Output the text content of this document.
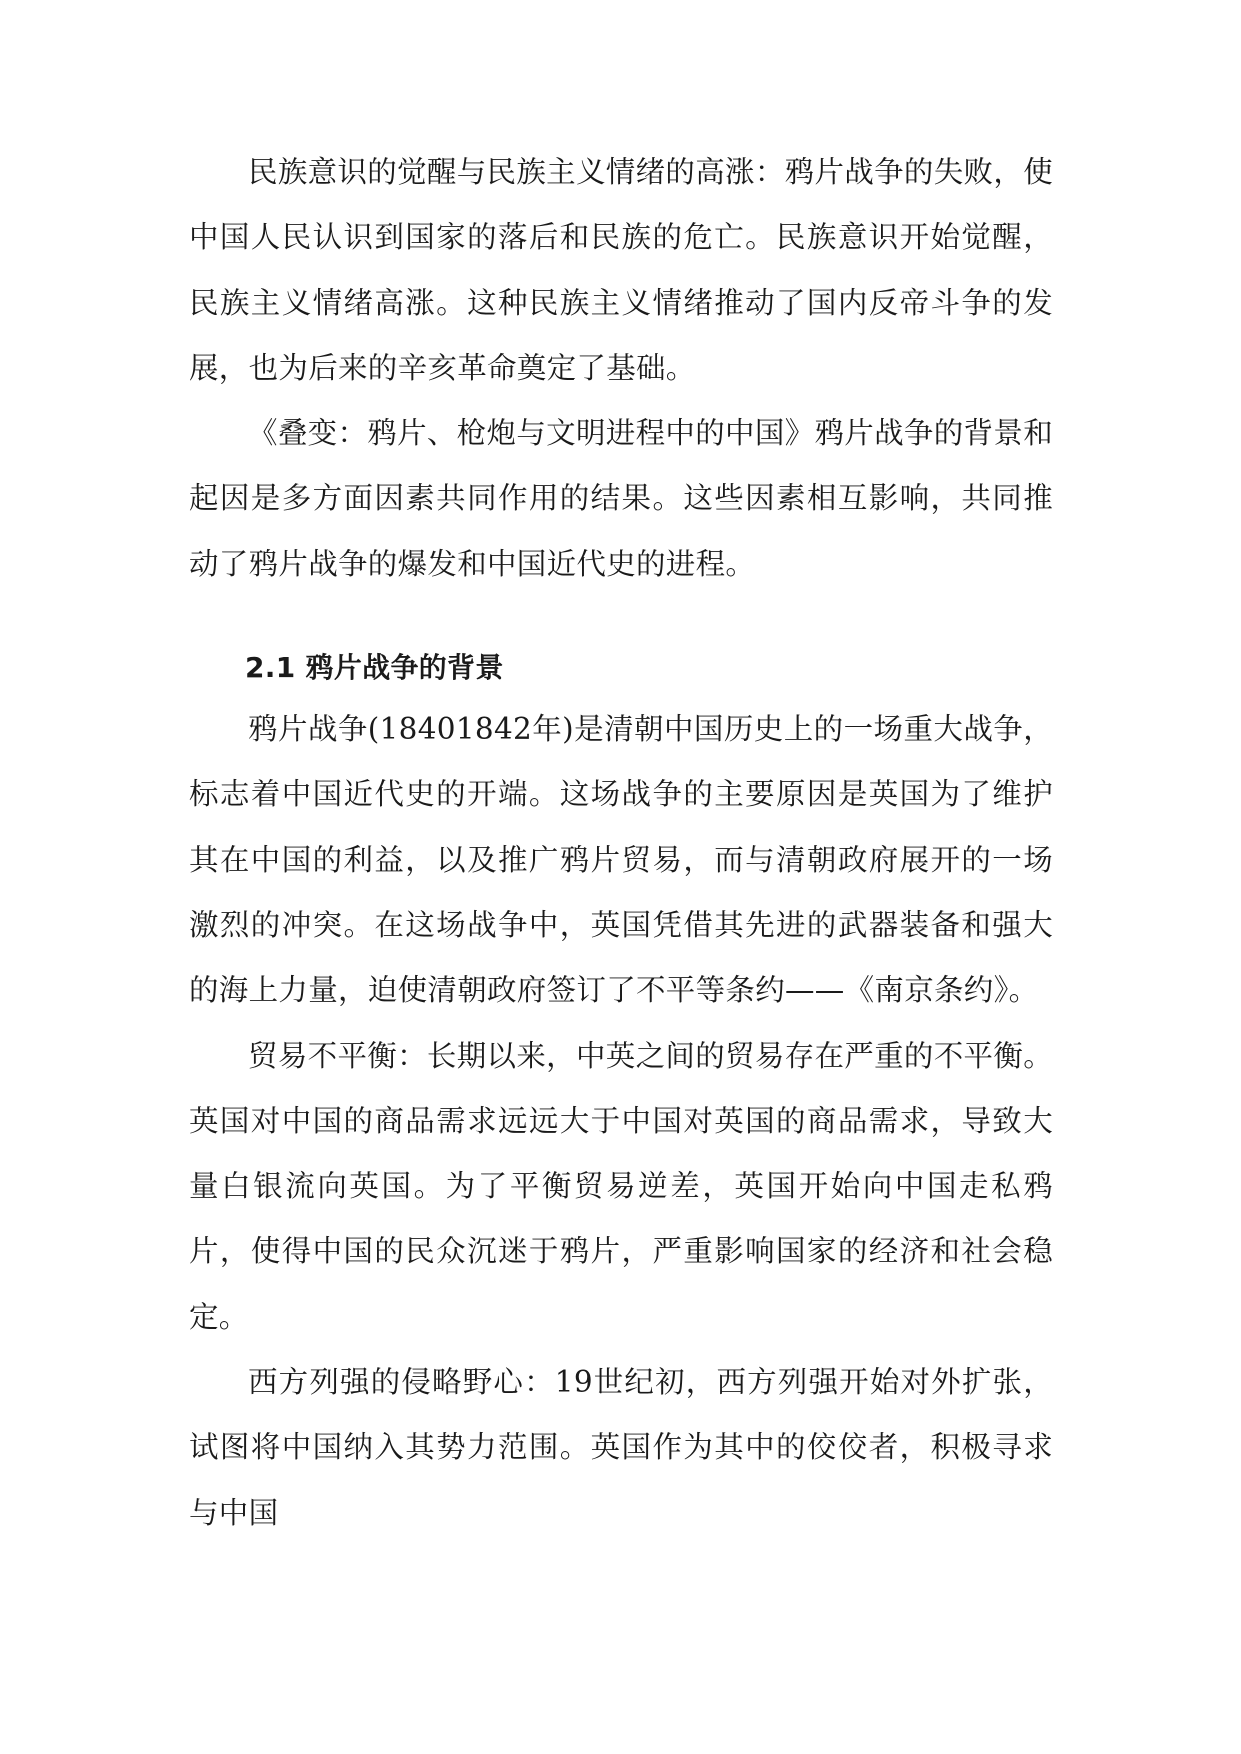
民族意识的觉醒与民族主义情绪的高涨：鸦片战争的失败，使中国人民认识到国家的落后和民族的危亡。民族意识开始觉醒，民族主义情绪高涨。这种民族主义情绪推动了国内反帝斗争的发展，也为后来的辛亥革命奠定了基础。

《叠变：鸦片、枪炮与文明进程中的中国》鸦片战争的背景和起因是多方面因素共同作用的结果。这些因素相互影响，共同推动了鸦片战争的爆发和中国近代史的进程。

2.1 鸦片战争的背景

鸦片战争(18401842年)是清朝中国历史上的一场重大战争，标志着中国近代史的开端。这场战争的主要原因是英国为了维护其在中国的利益，以及推广鸦片贸易，而与清朝政府展开的一场激烈的冲突。在这场战争中，英国凭借其先进的武器装备和强大的海上力量，迫使清朝政府签订了不平等条约——《南京条约》。

贸易不平衡：长期以来，中英之间的贸易存在严重的不平衡。英国对中国的商品需求远远大于中国对英国的商品需求，导致大量白银流向英国。为了平衡贸易逆差，英国开始向中国走私鸦片，使得中国的民众沉迷于鸦片，严重影响国家的经济和社会稳定。

西方列强的侵略野心：19世纪初，西方列强开始对外扩张，试图将中国纳入其势力范围。英国作为其中的佼佼者，积极寻求与中国
